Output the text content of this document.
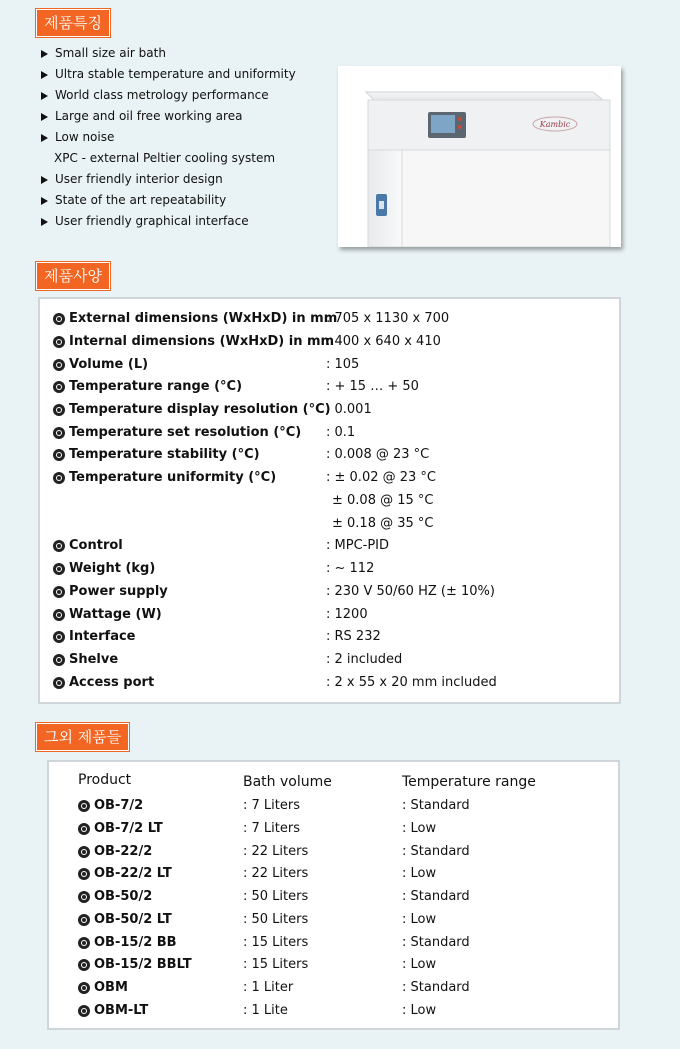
제품특징
Small size air bath
Ultra stable temperature and uniformity
World class metrology performance
Large and oil free working area
Low noise
XPC - external Peltier cooling system
User friendly interior design
State of the art repeatability
User friendly graphical interface
Kambic
제품사양
External dimensions (WxHxD) in mm
: 705 x 1130 x 700
Internal dimensions (WxHxD) in mm
: 400 x 640 x 410
Volume (L)	: 105
Temperature range (°C)	: + 15 … + 50
Temperature display resolution (°C)
: 0.001
Temperature set resolution (°C) : 0.1
Temperature stability (°C)	: 0.008 @ 23 °C
Temperature uniformity (°C)	: ± 0.02 @ 23 °C
± 0.08 @ 15 °C
± 0.18 @ 35 °C
Control	: MPC-PID
Weight (kg)	: ~ 112
Power supply	: 230 V 50/60 HZ (± 10%)
Wattage (W)	: 1200
Interface	: RS 232
Shelve	: 2 included
Access port	: 2 x 55 x 20 mm included
그외 제품들
Product	Bath volume	Temperature range
OB-7/2	: 7 Liters	: Standard
OB-7/2 LT	: 7 Liters	: Low
OB-22/2	: 22 Liters	: Standard
OB-22/2 LT	: 22 Liters	: Low
OB-50/2	: 50 Liters	: Standard
OB-50/2 LT	: 50 Liters	: Low
OB-15/2 BB	: 15 Liters	: Standard
OB-15/2 BBLT	: 15 Liters	: Low
OBM	: 1 Liter	: Standard
OBM-LT	: 1 Lite	: Low
